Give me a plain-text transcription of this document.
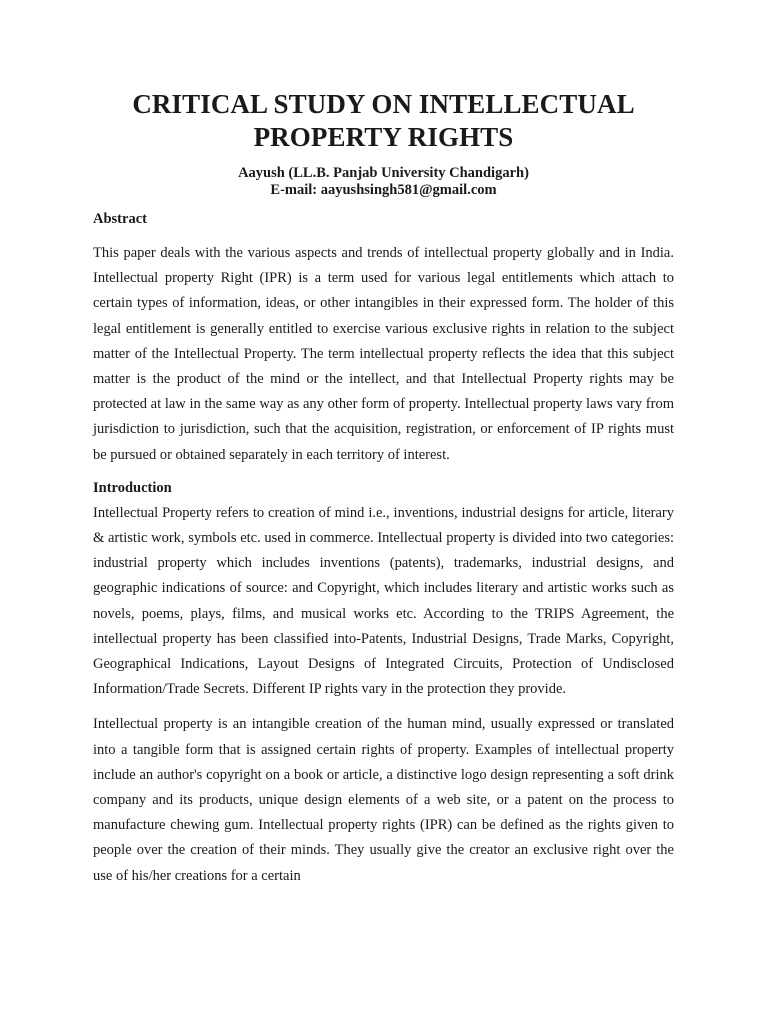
CRITICAL STUDY ON INTELLECTUAL
PROPERTY RIGHTS
Aayush (LL.B. Panjab University Chandigarh)
E-mail: aayushsingh581@gmail.com

Abstract

This paper deals with the various aspects and trends of intellectual property globally and in India. Intellectual property Right (IPR) is a term used for various legal entitlements which attach to certain types of information, ideas, or other intangibles in their expressed form. The holder of this legal entitlement is generally entitled to exercise various exclusive rights in relation to the subject matter of the Intellectual Property. The term intellectual property reflects the idea that this subject matter is the product of the mind or the intellect, and that Intellectual Property rights may be protected at law in the same way as any other form of property. Intellectual property laws vary from jurisdiction to jurisdiction, such that the acquisition, registration, or enforcement of IP rights must be pursued or obtained separately in each territory of interest.

Introduction

Intellectual Property refers to creation of mind i.e., inventions, industrial designs for article, literary & artistic work, symbols etc. used in commerce. Intellectual property is divided into two categories: industrial property which includes inventions (patents), trademarks, industrial designs, and geographic indications of source: and Copyright, which includes literary and artistic works such as novels, poems, plays, films, and musical works etc. According to the TRIPS Agreement, the intellectual property has been classified into-Patents, Industrial Designs, Trade Marks, Copyright, Geographical Indications, Layout Designs of Integrated Circuits, Protection of Undisclosed Information/Trade Secrets. Different IP rights vary in the protection they provide.

Intellectual property is an intangible creation of the human mind, usually expressed or translated into a tangible form that is assigned certain rights of property. Examples of intellectual property include an author's copyright on a book or article, a distinctive logo design representing a soft drink company and its products, unique design elements of a web site, or a patent on the process to manufacture chewing gum. Intellectual property rights (IPR) can be defined as the rights given to people over the creation of their minds. They usually give the creator an exclusive right over the use of his/her creations for a certain
